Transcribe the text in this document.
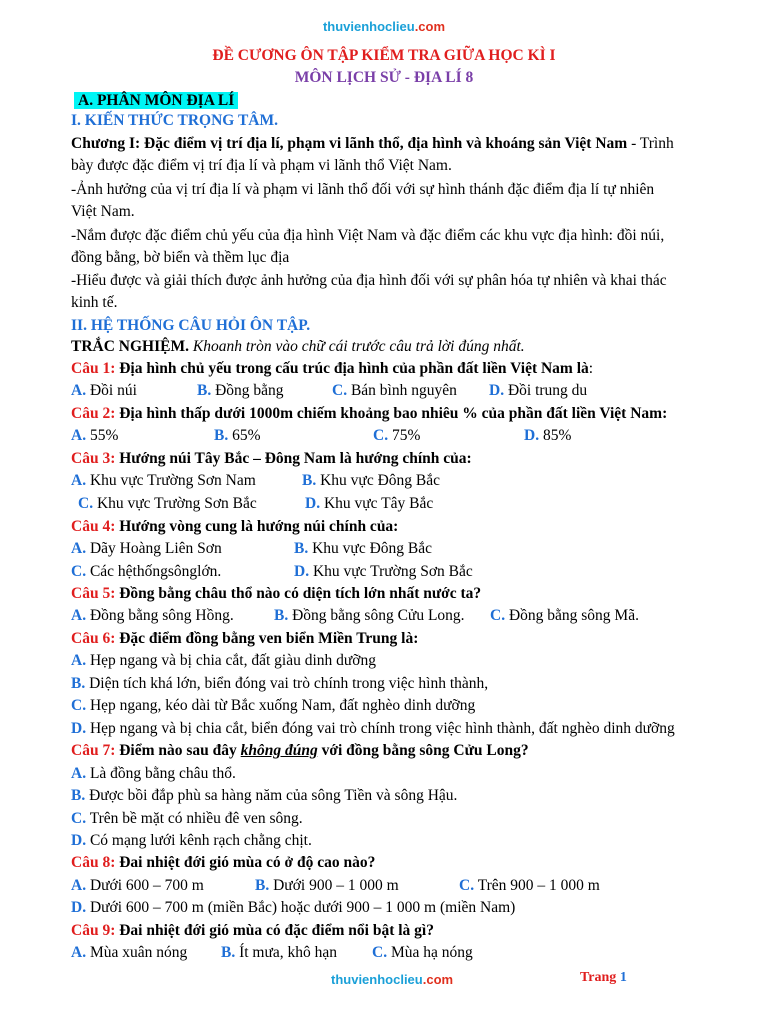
thuvienhoclieu.com
ĐỀ CƯƠNG ÔN TẬP KIỂM TRA GIỮA HỌC KÌ I
MÔN LỊCH SỬ - ĐỊA LÍ 8
A. PHÂN MÔN ĐỊA LÍ
I. KIẾN THỨC TRỌNG TÂM.
Chương I: Đặc điểm vị trí địa lí, phạm vi lãnh thổ, địa hình và khoáng sản Việt Nam - Trình
bày được đặc điểm vị trí địa lí và phạm vi lãnh thổ Việt Nam.
-Ảnh hưởng của vị trí địa lí và phạm vi lãnh thổ đối với sự hình thánh đặc điểm địa lí tự nhiên
Việt Nam.
-Nắm được đặc điểm chủ yếu của địa hình Việt Nam và đặc điểm các khu vực địa hình: đồi núi,
đồng bằng, bờ biển và thềm lục địa
-Hiểu được và giải thích được ảnh hưởng của địa hình đối với sự phân hóa tự nhiên và khai thác
kinh tế.
II. HỆ THỐNG CÂU HỎI ÔN TẬP.
TRẮC NGHIỆM. Khoanh tròn vào chữ cái trước câu trả lời đúng nhất.
Câu 1: Địa hình chủ yếu trong cấu trúc địa hình của phần đất liền Việt Nam là:
A. Đồi núi	B. Đồng bằng	C. Bán bình nguyên D. Đồi trung du
Câu 2: Địa hình thấp dưới 1000m chiếm khoảng bao nhiêu % của phần đất liền Việt Nam:
A. 55%	B. 65%	C. 75%	D. 85%
Câu 3: Hướng núi Tây Bắc – Đông Nam là hướng chính của:
A. Khu vực Trường Sơn Nam	B. Khu vực Đông Bắc
C. Khu vực Trường Sơn Bắc	D. Khu vực Tây Bắc
Câu 4: Hướng vòng cung là hướng núi chính của:
A. Dãy Hoàng Liên Sơn	B. Khu vực Đông Bắc
C. Các hệthốngsônglớn.	D. Khu vực Trường Sơn Bắc
Câu 5: Đồng bằng châu thổ nào có diện tích lớn nhất nước ta?
A. Đồng bằng sông Hồng.	B. Đồng bằng sông Cửu Long. C. Đồng bằng sông Mã.
Câu 6: Đặc điểm đồng bằng ven biển Miền Trung là:
A. Hẹp ngang và bị chia cắt, đất giàu dinh dưỡng
B. Diện tích khá lớn, biển đóng vai trò chính trong việc hình thành,
C. Hẹp ngang, kéo dài từ Bắc xuống Nam, đất nghèo dinh dưỡng
D. Hẹp ngang và bị chia cắt, biển đóng vai trò chính trong việc hình thành, đất nghèo dinh dưỡng
Câu 7: Điểm nào sau đây không đúng với đồng bằng sông Cửu Long?
A. Là đồng bằng châu thổ.
B. Được bồi đắp phù sa hàng năm của sông Tiền và sông Hậu.
C. Trên bề mặt có nhiều đê ven sông.
D. Có mạng lưới kênh rạch chằng chịt.
Câu 8: Đai nhiệt đới gió mùa có ở độ cao nào?
A. Dưới 600 – 700 m	B. Dưới 900 – 1 000 m	C. Trên 900 – 1 000 m
D. Dưới 600 – 700 m (miền Bắc) hoặc dưới 900 – 1 000 m (miền Nam)
Câu 9: Đai nhiệt đới gió mùa có đặc điểm nổi bật là gì?
A. Mùa xuân nóng B. Ít mưa, khô hạn C. Mùa hạ nóng
thuvienhoclieu.com	Trang 1
